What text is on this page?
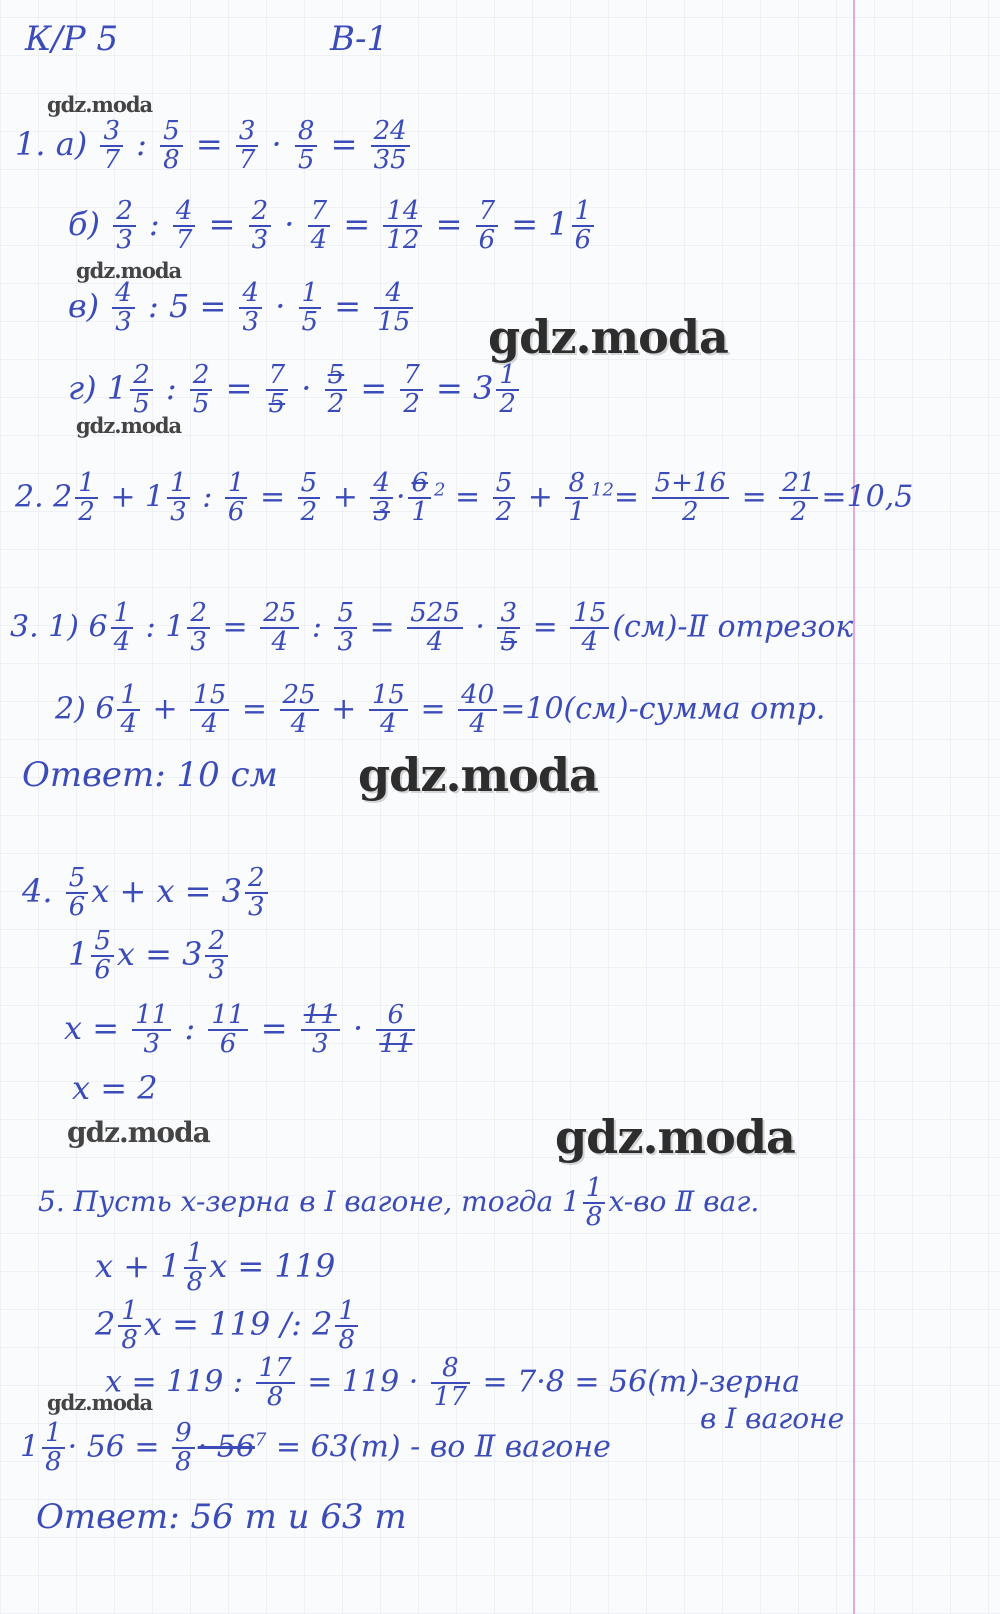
gdz.moda
gdz.moda
gdz.moda
gdz.moda
gdz.moda
gdz.moda
gdz.moda
gdz.moda
К/Р 5	В-1
1. $а) \frac{3}{7}$ : $\frac{5}{8} = \frac{3}{7} \cdot \frac{8}{5} = \frac{24}{35}$
$б) \frac{2}{3}$ : $\frac{4}{7} = \frac{2}{3} \cdot \frac{7}{4} = \frac{14}{12} = \frac{7}{6} = 1 \frac{1}{6}$
$в) \frac{4}{3}$ : $5 = \frac{4}{3} \cdot \frac{1}{5} = \frac{4}{15}$
г) $1 \frac{2}{5}$ : $\frac{2}{5} = \frac{7}{5} \cdot \frac{5}{2} = \frac{7}{2} = 3 \frac{1}{2}$
2. $2 \frac{1}{2} + 1 \frac{1}{3}$ : $\frac{1}{6} = \frac{5}{2} + \frac{4}{3} \cdot \frac{6}{1} ^2 = \frac{5}{2} + \frac{8}{1} ^{12}= \frac{5+16}{2} = \frac{21}{2} =10,5$
3. 1) $6 \frac{1}{4}$ : $1 \frac{2}{3} = \frac{25}{4}$ : $\frac{5}{3} = \frac{525}{4} \cdot \frac{3}{5} = \frac{15}{4}$ (см)-Ⅱ отрезок
2) $6 \frac{1}{4} + \frac{15}{4} = \frac{25}{4} + \frac{15}{4} = \frac{40}{4}$ =10(см)-сумма отр.
Ответ: 10 см
4. $\frac{5}{6}$ $x + x = 3 \frac{2}{3}$
$1 \frac{5}{6}$ $x = 3 \frac{2}{3}$
$x = \frac{11}{3}$ : $\frac{11}{6} = \frac{11}{3} \cdot \frac{6}{11}$
x = 2
5. Пусть x-зерна в Ⅰ вагоне, тогда $1 \frac{1}{8} x-во$ Ⅱ ваг.
$x + 1 \frac{1}{8}$ x = 119
$2 \frac{1}{8}$ x = 119 /: $2 \frac{1}{8}$
x = 119 : $\frac{17}{8} = 119 \cdot \frac{8}{17} = 7\cdot 8$ = 56(т)-зерна
в Ⅰ вагоне
$1 \frac{1}{8} \cdot 56 = \frac{9}{8} \cdot 56^7 = 63(т)$ - во Ⅱ вагоне
Ответ: 56 т и 63 т
